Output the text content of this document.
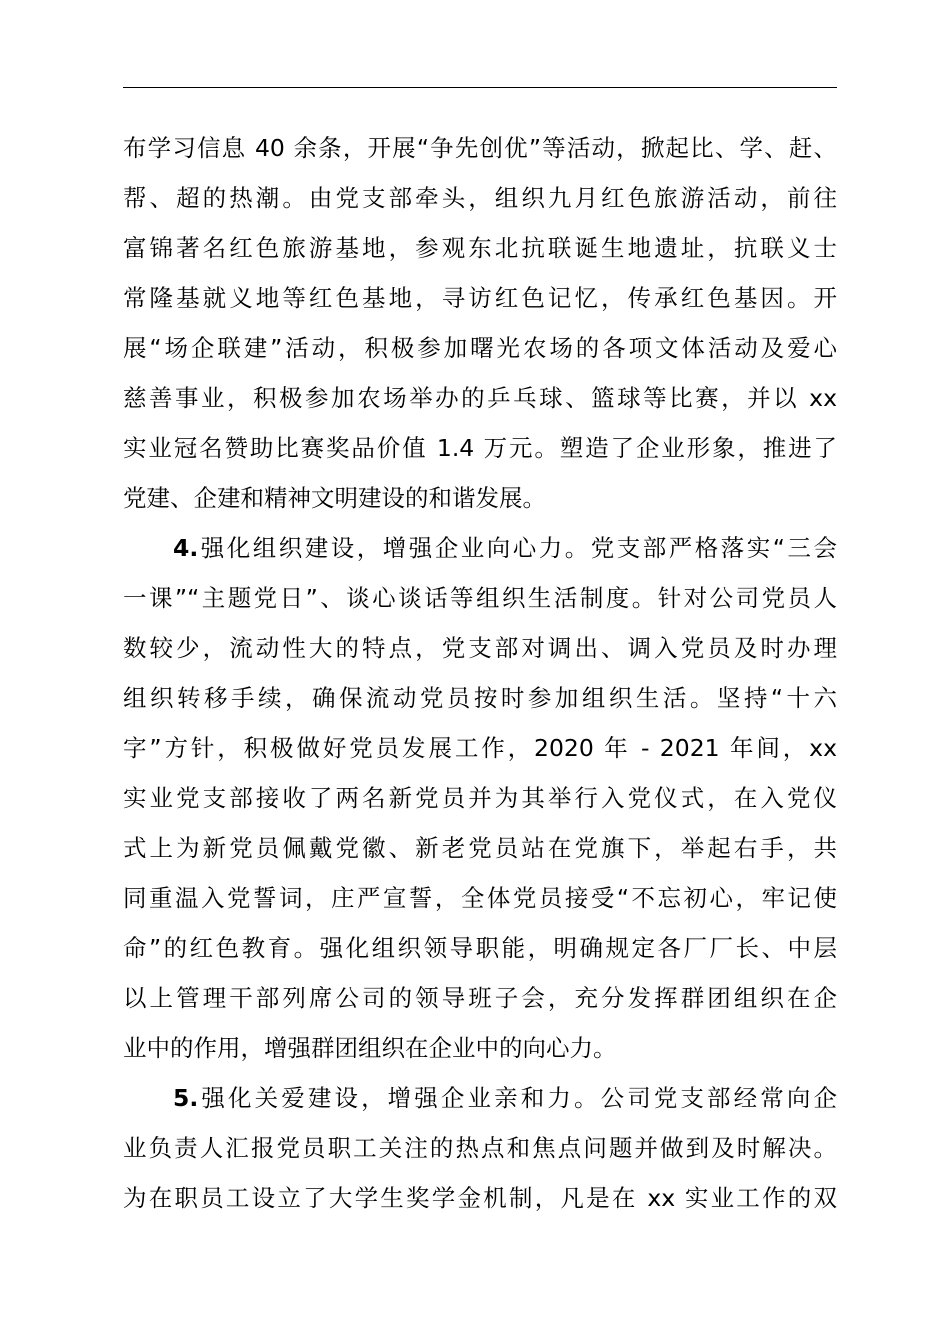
布学习信息 40 余条，开展“争先创优”等活动，掀起比、学、赶、
帮、超的热潮。由党支部牵头，组织九月红色旅游活动，前往
富锦著名红色旅游基地，参观东北抗联诞生地遗址，抗联义士
常隆基就义地等红色基地，寻访红色记忆，传承红色基因。开
展“场企联建”活动，积极参加曙光农场的各项文体活动及爱心
慈善事业，积极参加农场举办的乒乓球、篮球等比赛，并以 xx
实业冠名赞助比赛奖品价值 1.4 万元。塑造了企业形象，推进了
党建、企建和精神文明建设的和谐发展。
4.强化组织建设，增强企业向心力。党支部严格落实“三会
一课”“主题党日”、谈心谈话等组织生活制度。针对公司党员人
数较少，流动性大的特点，党支部对调出、调入党员及时办理
组织转移手续，确保流动党员按时参加组织生活。坚持“十六
字”方针，积极做好党员发展工作，2020 年 - 2021 年间，xx
实业党支部接收了两名新党员并为其举行入党仪式，在入党仪
式上为新党员佩戴党徽、新老党员站在党旗下，举起右手，共
同重温入党誓词，庄严宣誓，全体党员接受“不忘初心，牢记使
命”的红色教育。强化组织领导职能，明确规定各厂厂长、中层
以上管理干部列席公司的领导班子会，充分发挥群团组织在企
业中的作用，增强群团组织在企业中的向心力。
5.强化关爱建设，增强企业亲和力。公司党支部经常向企
业负责人汇报党员职工关注的热点和焦点问题并做到及时解决。
为在职员工设立了大学生奖学金机制，凡是在 xx 实业工作的双
